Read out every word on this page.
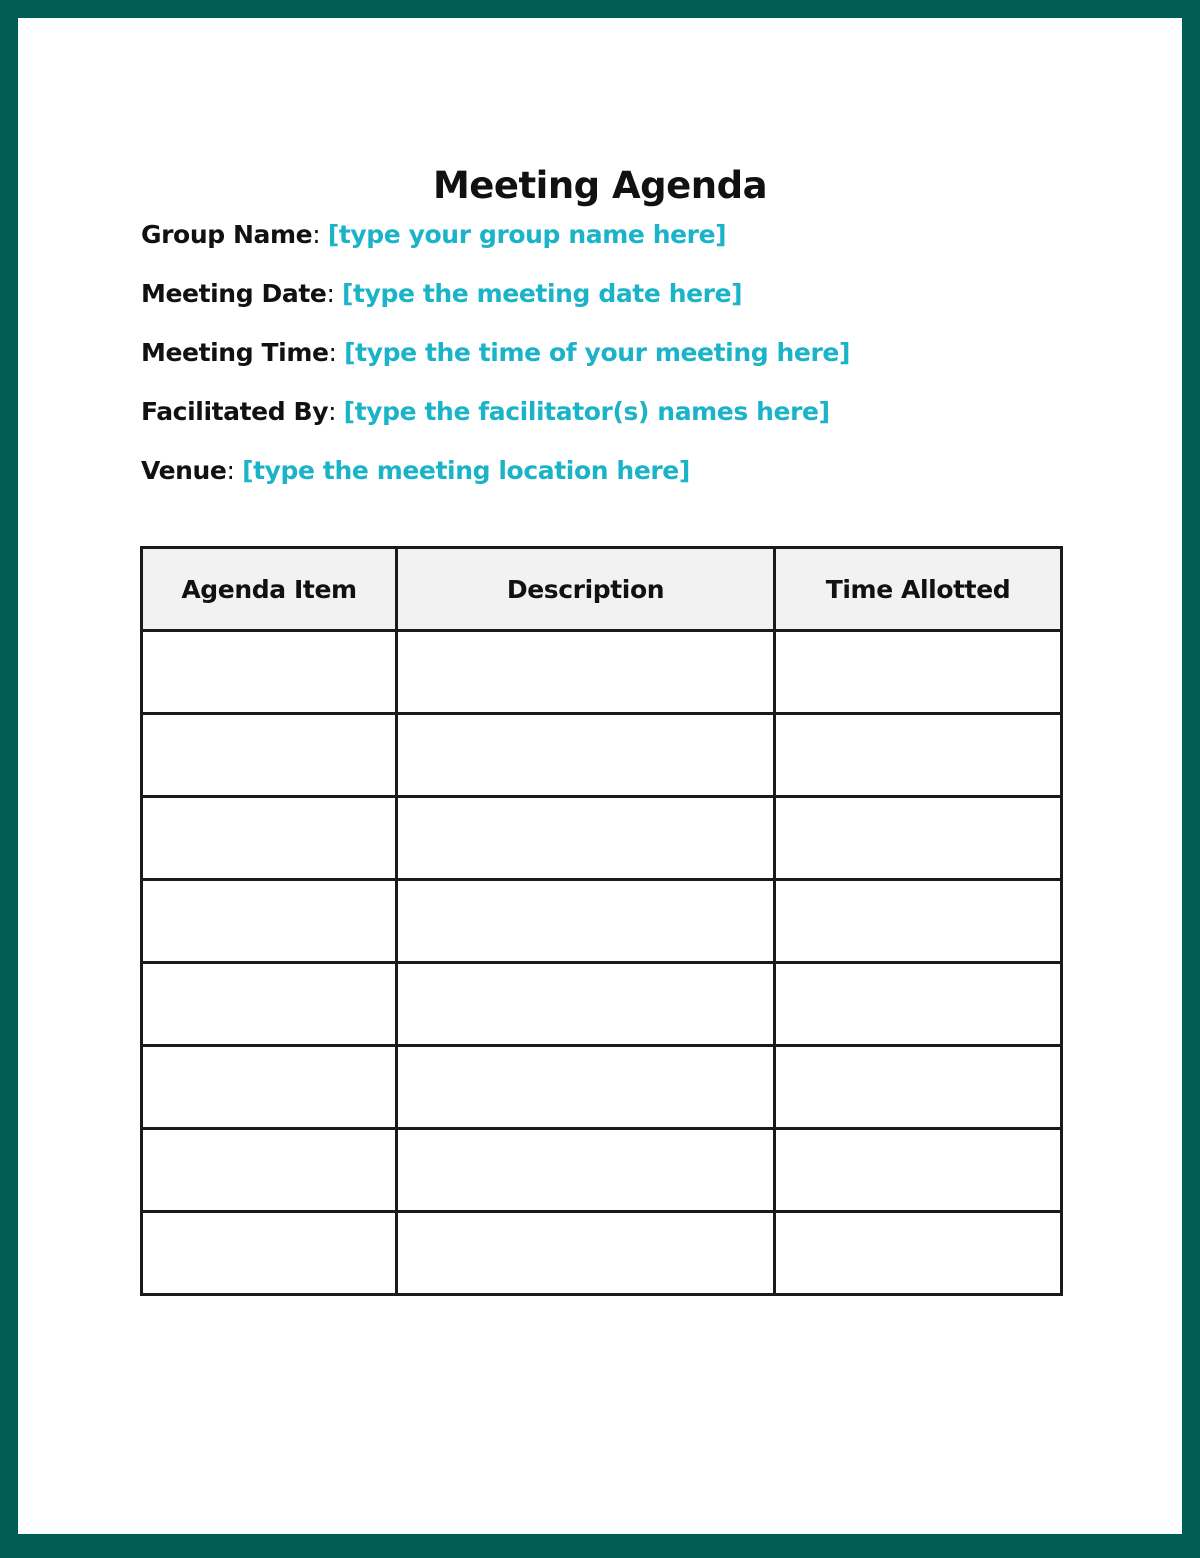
Meeting Agenda
Group Name: [type your group name here]
Meeting Date: [type the meeting date here]
Meeting Time: [type the time of your meeting here]
Facilitated By: [type the facilitator(s) names here]
Venue: [type the meeting location here]
Agenda Item	Description	Time Allotted
